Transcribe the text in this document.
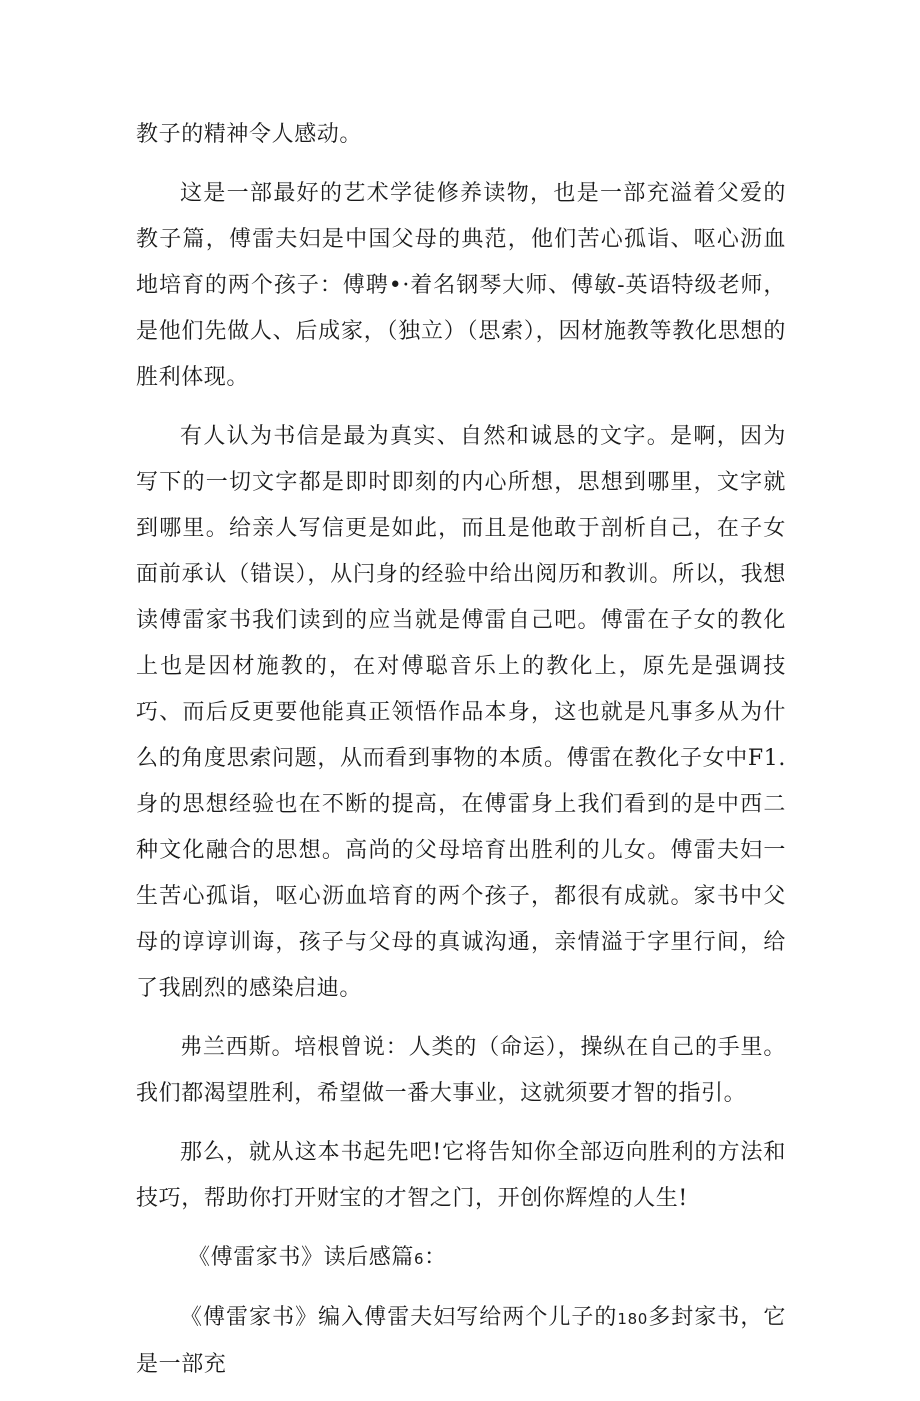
教子的精神令人感动。

这是一部最好的艺术学徒修养读物，也是一部充溢着父爱的教子篇，傅雷夫妇是中国父母的典范，他们苦心孤诣、呕心沥血地培育的两个孩子：傅聘•·着名钢琴大师、傅敏-英语特级老师，是他们先做人、后成家，（独立）（思索），因材施教等教化思想的胜利体现。

有人认为书信是最为真实、自然和诚恳的文字。是啊，因为写下的一切文字都是即时即刻的内心所想，思想到哪里，文字就到哪里。给亲人写信更是如此，而且是他敢于剖析自己，在子女面前承认（错误），从闩身的经验中给出阅历和教训。所以，我想读傅雷家书我们读到的应当就是傅雷自己吧。傅雷在子女的教化上也是因材施教的，在对傅聪音乐上的教化上，原先是强调技巧、而后反更要他能真正领悟作品本身，这也就是凡事多从为什么的角度思索问题，从而看到事物的本质。傅雷在教化子女中F1.身的思想经验也在不断的提高，在傅雷身上我们看到的是中西二种文化融合的思想。高尚的父母培育出胜利的儿女。傅雷夫妇一生苦心孤诣，呕心沥血培育的两个孩子，都很有成就。家书中父母的谆谆训诲，孩子与父母的真诚沟通，亲情溢于字里行间，给了我剧烈的感染启迪。

弗兰西斯。培根曾说：人类的（命运），操纵在自己的手里。我们都渴望胜利，希望做一番大事业，这就须要才智的指引。

那么，就从这本书起先吧!它将告知你全部迈向胜利的方法和技巧，帮助你打开财宝的才智之门，开创你辉煌的人生!

《傅雷家书》读后感篇6：

《傅雷家书》编入傅雷夫妇写给两个儿子的180多封家书，它是一部充
